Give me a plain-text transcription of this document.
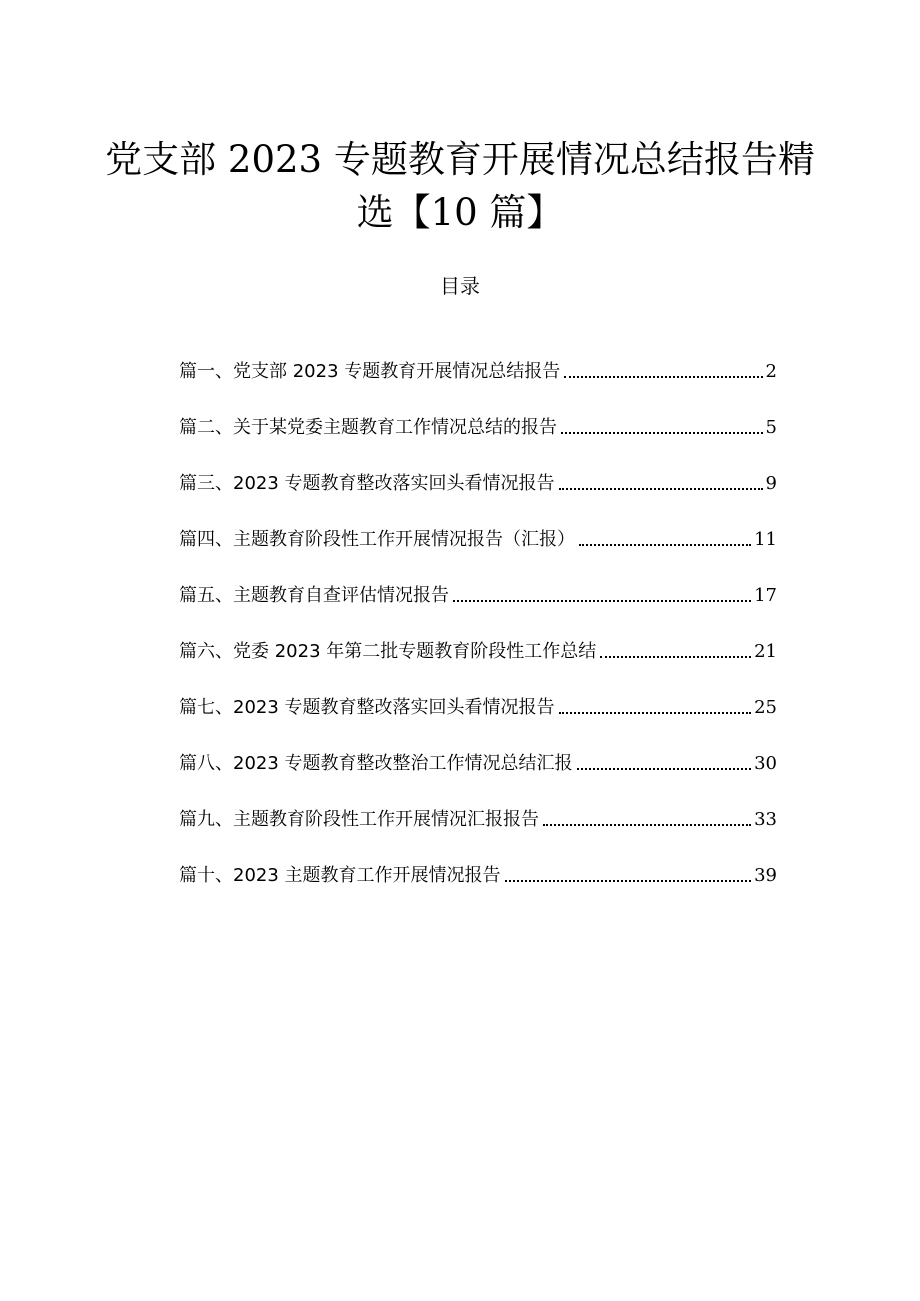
党支部 2023 专题教育开展情况总结报告精
选【10 篇】
目录
篇一、党支部 2023 专题教育开展情况总结报告	2
篇二、关于某党委主题教育工作情况总结的报告	5
篇三、2023 专题教育整改落实回头看情况报告	9
篇四、主题教育阶段性工作开展情况报告（汇报）	11
篇五、主题教育自查评估情况报告	17
篇六、党委 2023 年第二批专题教育阶段性工作总结	21
篇七、2023 专题教育整改落实回头看情况报告	25
篇八、2023 专题教育整改整治工作情况总结汇报	30
篇九、主题教育阶段性工作开展情况汇报报告	33
篇十、2023 主题教育工作开展情况报告	39
